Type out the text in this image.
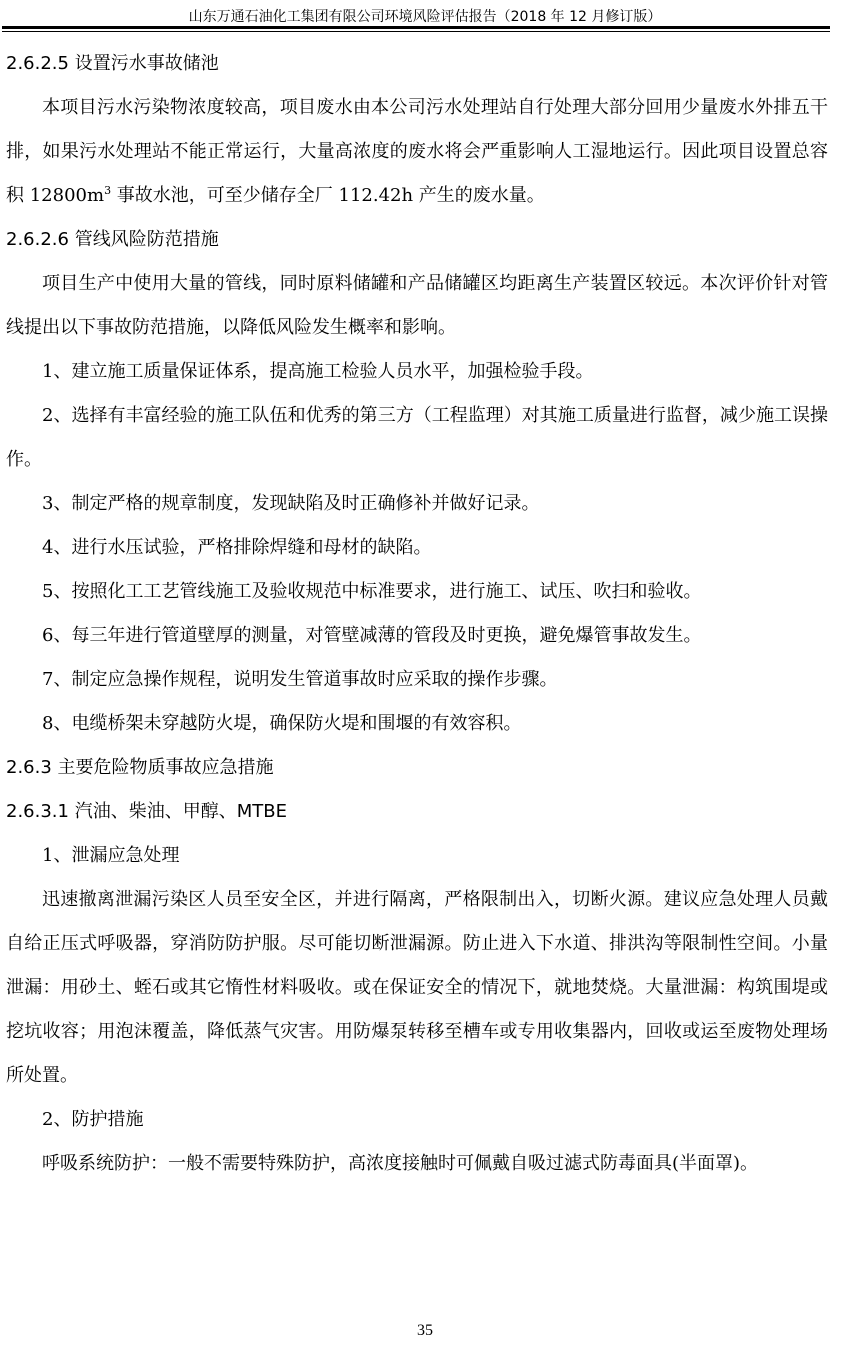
山东万通石油化工集团有限公司环境风险评估报告（2018 年 12 月修订版）
2.6.2.5 设置污水事故储池

本项目污水污染物浓度较高，项目废水由本公司污水处理站自行处理大部分回用少量废水外排五干排，如果污水处理站不能正常运行，大量高浓度的废水将会严重影响人工湿地运行。因此项目设置总容积 $12800m^3$ 事故水池，可至少储存全厂 112.42h 产生的废水量。

2.6.2.6 管线风险防范措施

项目生产中使用大量的管线，同时原料储罐和产品储罐区均距离生产装置区较远。本次评价针对管线提出以下事故防范措施，以降低风险发生概率和影响。

1、建立施工质量保证体系，提高施工检验人员水平，加强检验手段。

2、选择有丰富经验的施工队伍和优秀的第三方（工程监理）对其施工质量进行监督，减少施工误操作。

3、制定严格的规章制度，发现缺陷及时正确修补并做好记录。

4、进行水压试验，严格排除焊缝和母材的缺陷。

5、按照化工工艺管线施工及验收规范中标准要求，进行施工、试压、吹扫和验收。

6、每三年进行管道壁厚的测量，对管壁减薄的管段及时更换，避免爆管事故发生。

7、制定应急操作规程，说明发生管道事故时应采取的操作步骤。

8、电缆桥架未穿越防火堤，确保防火堤和围堰的有效容积。

2.6.3 主要危险物质事故应急措施
2.6.3.1 汽油、柴油、甲醇、MTBE

1、泄漏应急处理

迅速撤离泄漏污染区人员至安全区，并进行隔离，严格限制出入，切断火源。建议应急处理人员戴自给正压式呼吸器，穿消防防护服。尽可能切断泄漏源。防止进入下水道、排洪沟等限制性空间。小量泄漏：用砂土、蛭石或其它惰性材料吸收。或在保证安全的情况下，就地焚烧。大量泄漏：构筑围堤或挖坑收容；用泡沫覆盖，降低蒸气灾害。用防爆泵转移至槽车或专用收集器内，回收或运至废物处理场所处置。

2、防护措施

呼吸系统防护：一般不需要特殊防护，高浓度接触时可佩戴自吸过滤式防毒面具(半面罩)。

35
